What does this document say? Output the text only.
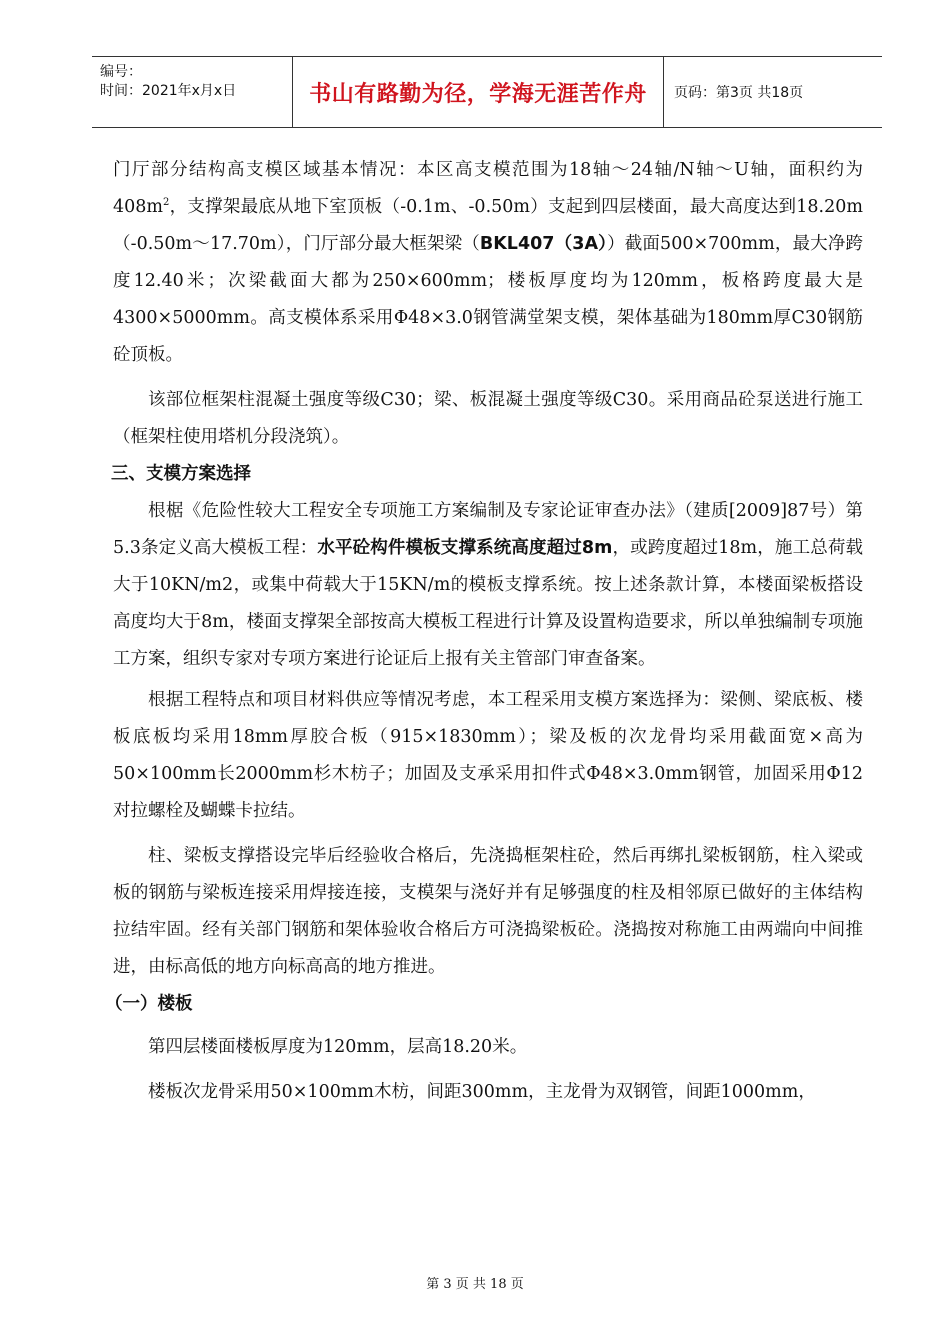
编号：
时间：2021年x月x日	书山有路勤为径，学海无涯苦作舟	页码：第3页 共18页

门厅部分结构高支模区域基本情况：本区高支模范围为18轴～24轴/N轴～U轴，面积约为$408m^2$，支撑架最底从地下室顶板（-0.1m、-0.50m）支起到四层楼面，最大高度达到18.20m（-0.50m～17.70m），门厅部分最大框架梁（BKL407（3A））截面500×700mm，最大净跨度12.40米；次梁截面大都为250×600mm；楼板厚度均为120mm，板格跨度最大是4300×5000mm。高支模体系采用Φ48×3.0钢管满堂架支模，架体基础为180mm厚C30钢筋砼顶板。

该部位框架柱混凝土强度等级C30；梁、板混凝土强度等级C30。采用商品砼泵送进行施工（框架柱使用塔机分段浇筑）。

三、支模方案选择

根椐《危险性较大工程安全专项施工方案编制及专家论证审查办法》（建质[2009]87号）第5.3条定义高大模板工程：水平砼构件模板支撑系统高度超过8m，或跨度超过18m，施工总荷载大于10KN/m2，或集中荷载大于15KN/m的模板支撑系统。按上述条款计算，本楼面梁板搭设高度均大于8m，楼面支撑架全部按高大模板工程进行计算及设置构造要求，所以单独编制专项施工方案，组织专家对专项方案进行论证后上报有关主管部门审查备案。

根据工程特点和项目材料供应等情况考虑，本工程采用支模方案选择为：梁侧、梁底板、楼板底板均采用18mm厚胶合板（915×1830mm）；梁及板的次龙骨均采用截面宽×高为50×100mm长2000mm杉木枋子；加固及支承采用扣件式Φ48×3.0mm钢管，加固采用Φ12对拉螺栓及蝴蝶卡拉结。

柱、梁板支撑搭设完毕后经验收合格后，先浇捣框架柱砼，然后再绑扎梁板钢筋，柱入梁或板的钢筋与梁板连接采用焊接连接，支模架与浇好并有足够强度的柱及相邻原已做好的主体结构拉结牢固。经有关部门钢筋和架体验收合格后方可浇捣梁板砼。浇捣按对称施工由两端向中间推进，由标高低的地方向标高高的地方推进。

（一）楼板

第四层楼面楼板厚度为120mm，层高18.20米。

楼板次龙骨采用50×100mm木枋，间距300mm，主龙骨为双钢管，间距1000mm，

第 3 页 共 18 页
